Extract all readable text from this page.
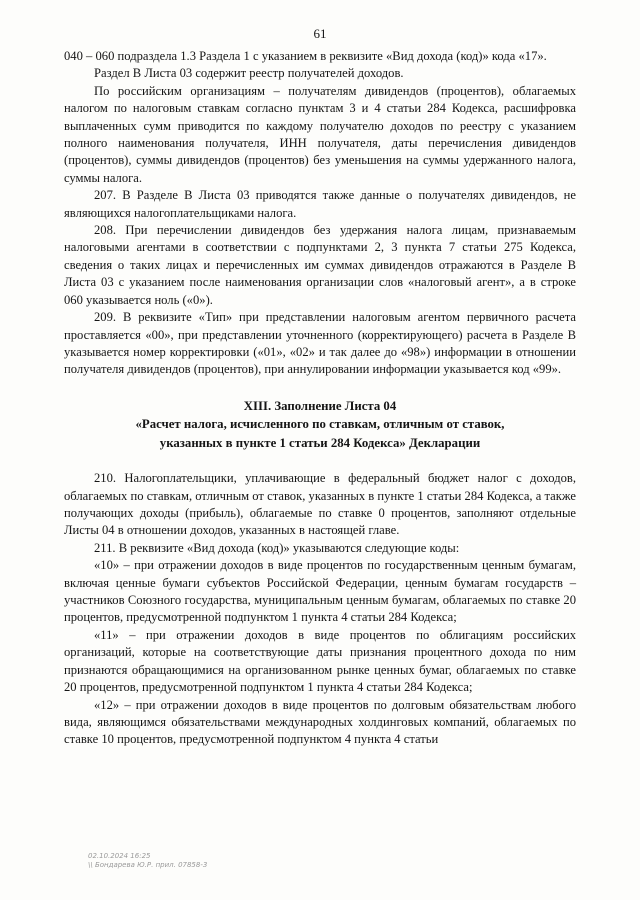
61

040 – 060 подраздела 1.3 Раздела 1 с указанием в реквизите «Вид дохода (код)» кода «17».

Раздел В Листа 03 содержит реестр получателей доходов.

По российским организациям – получателям дивидендов (процентов), облагаемых налогом по налоговым ставкам согласно пунктам 3 и 4 статьи 284 Кодекса, расшифровка выплаченных сумм приводится по каждому получателю доходов по реестру с указанием полного наименования получателя, ИНН получателя, даты перечисления дивидендов (процентов), суммы дивидендов (процентов) без уменьшения на суммы удержанного налога, суммы налога.

207. В Разделе В Листа 03 приводятся также данные о получателях дивидендов, не являющихся налогоплательщиками налога.

208. При перечислении дивидендов без удержания налога лицам, признаваемым налоговыми агентами в соответствии с подпунктами 2, 3 пункта 7 статьи 275 Кодекса, сведения о таких лицах и перечисленных им суммах дивидендов отражаются в Разделе В Листа 03 с указанием после наименования организации слов «налоговый агент», а в строке 060 указывается ноль («0»).

209. В реквизите «Тип» при представлении налоговым агентом первичного расчета проставляется «00», при представлении уточненного (корректирующего) расчета в Разделе В указывается номер корректировки («01», «02» и так далее до «98») информации в отношении получателя дивидендов (процентов), при аннулировании информации указывается код «99».

XIII. Заполнение Листа 04
«Расчет налога, исчисленного по ставкам, отличным от ставок,
указанных в пункте 1 статьи 284 Кодекса» Декларации

210. Налогоплательщики, уплачивающие в федеральный бюджет налог с доходов, облагаемых по ставкам, отличным от ставок, указанных в пункте 1 статьи 284 Кодекса, а также получающих доходы (прибыль), облагаемые по ставке 0 процентов, заполняют отдельные Листы 04 в отношении доходов, указанных в настоящей главе.

211. В реквизите «Вид дохода (код)» указываются следующие коды:

«10» – при отражении доходов в виде процентов по государственным ценным бумагам, включая ценные бумаги субъектов Российской Федерации, ценным бумагам государств – участников Союзного государства, муниципальным ценным бумагам, облагаемых по ставке 20 процентов, предусмотренной подпунктом 1 пункта 4 статьи 284 Кодекса;

«11» – при отражении доходов в виде процентов по облигациям российских организаций, которые на соответствующие даты признания процентного дохода по ним признаются обращающимися на организованном рынке ценных бумаг, облагаемых по ставке 20 процентов, предусмотренной подпунктом 1 пункта 4 статьи 284 Кодекса;

«12» – при отражении доходов в виде процентов по долговым обязательствам любого вида, являющимся обязательствами международных холдинговых компаний, облагаемых по ставке 10 процентов, предусмотренной подпунктом 4 пункта 4 статьи

02.10.2024 16:25
\\ Бондарева Ю.Р. прил. 07858-3
